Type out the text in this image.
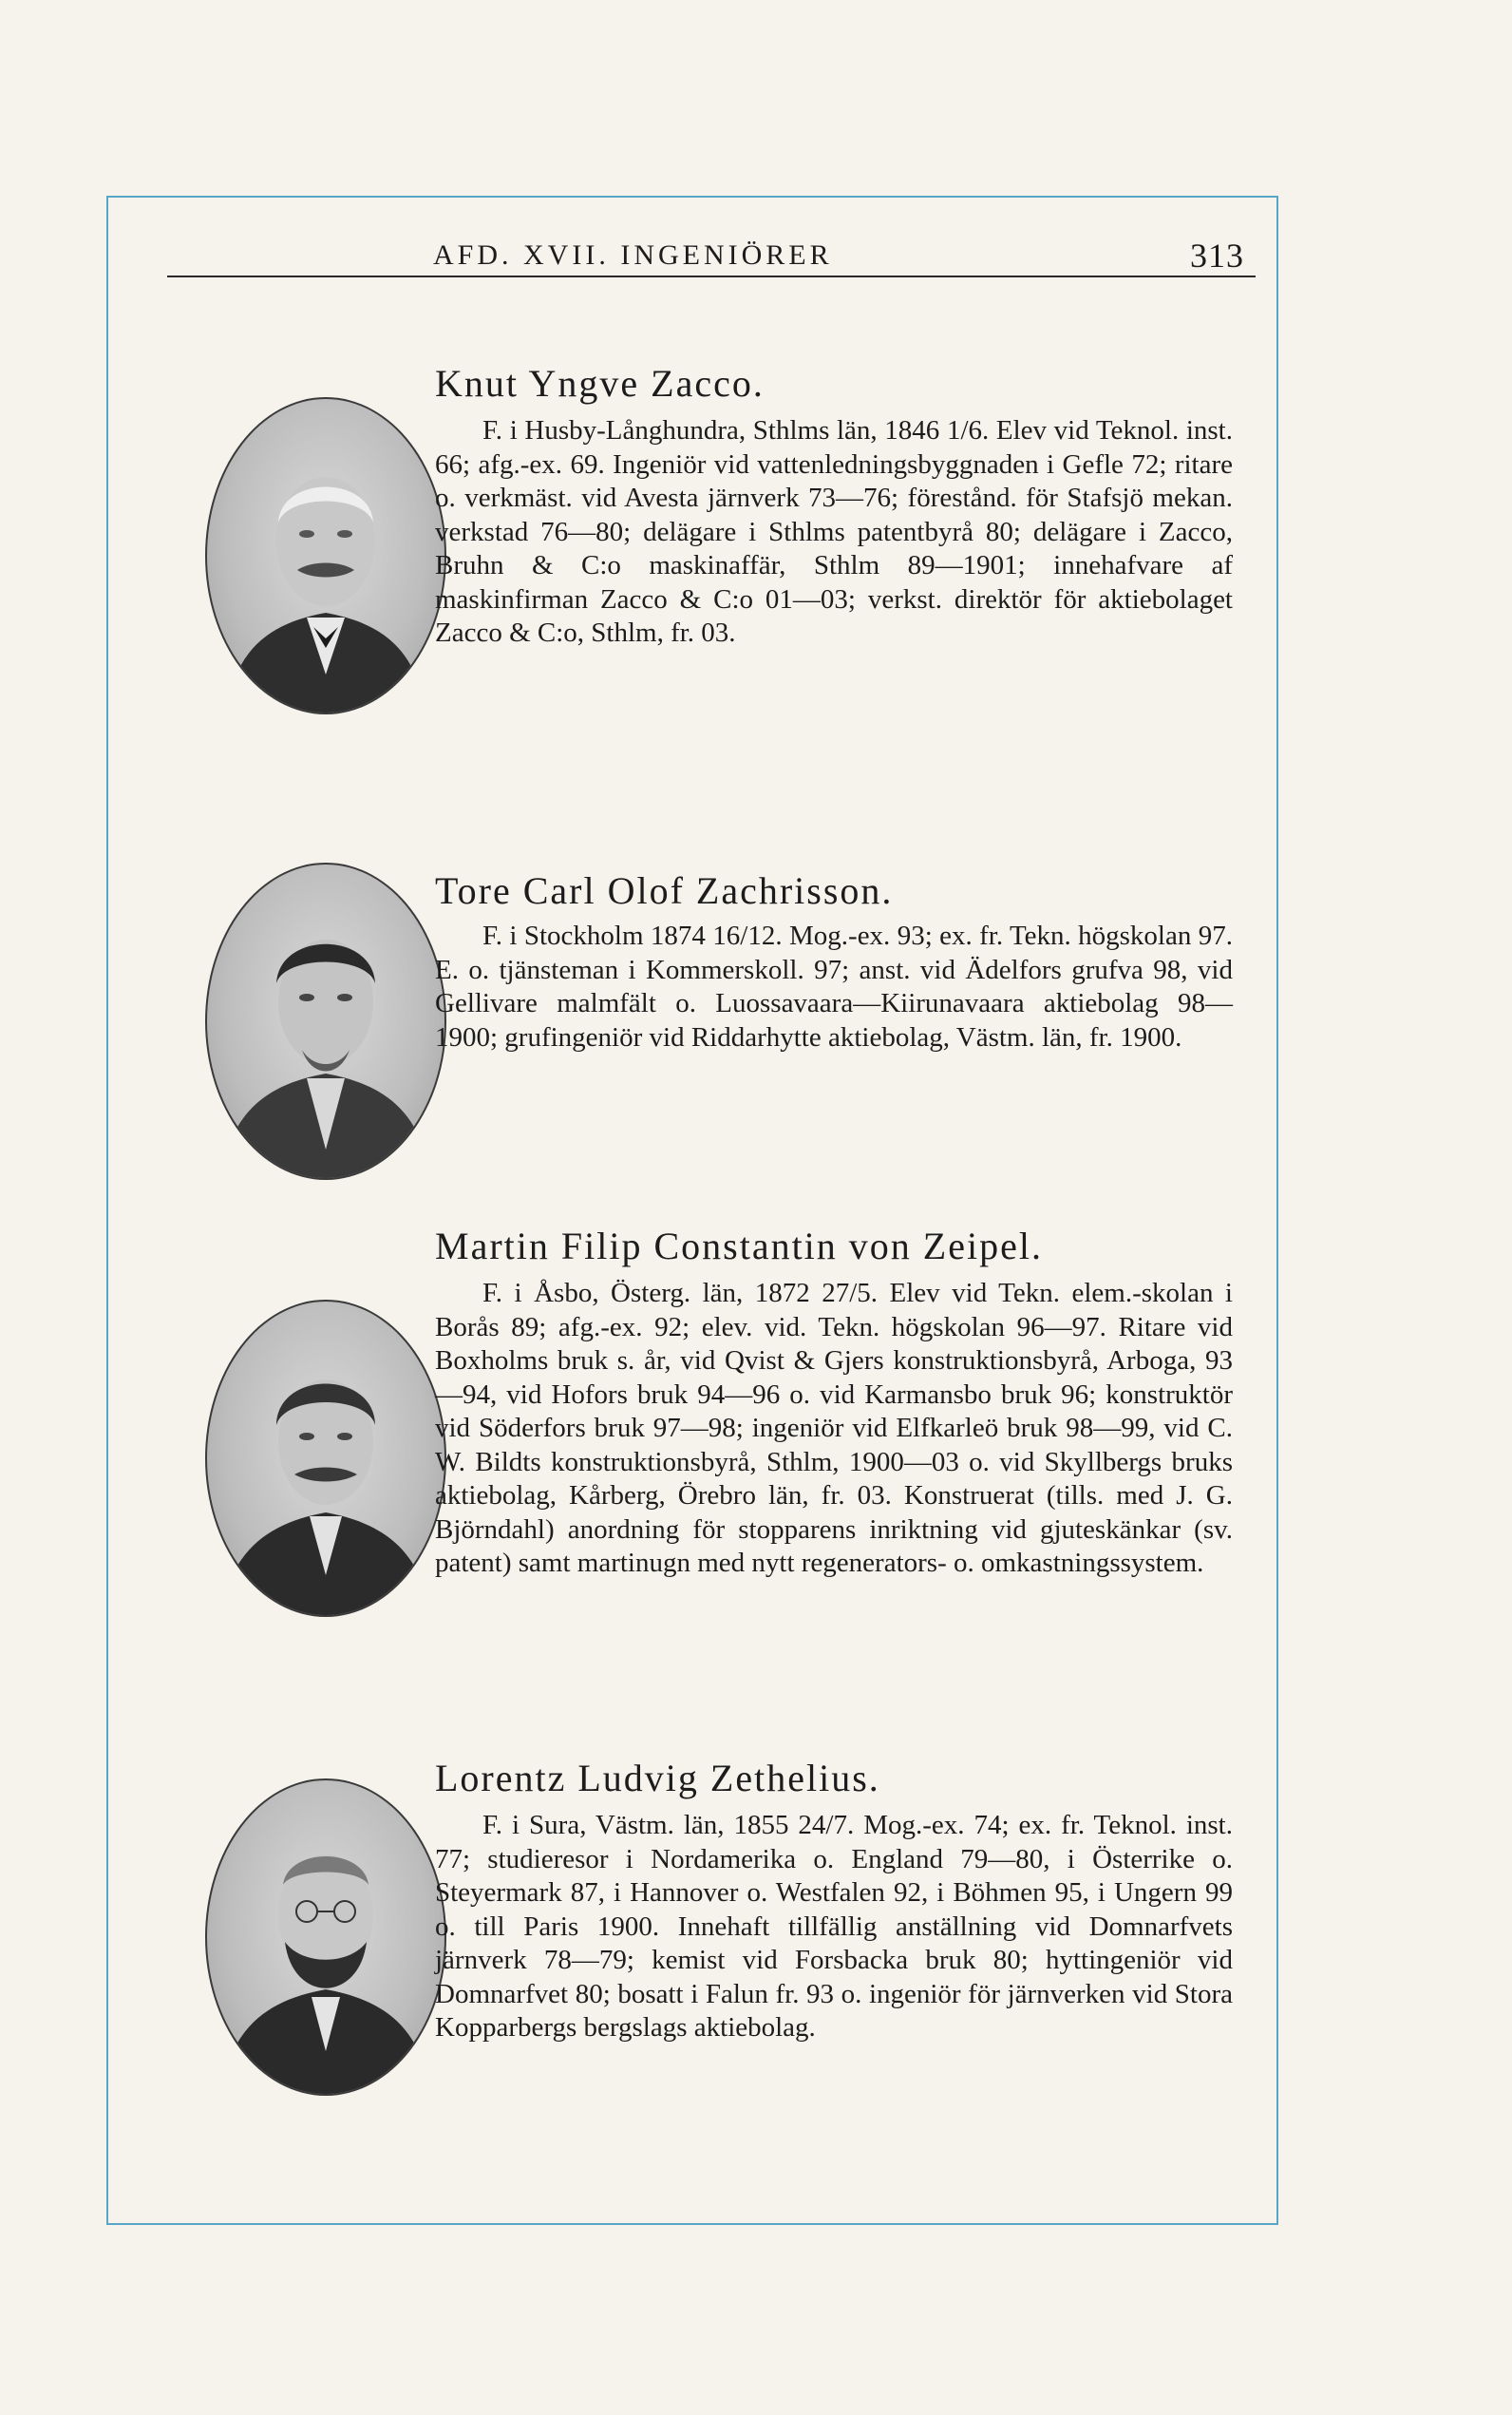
AFD. XVII. INGENIÖRER	313
Knut Yngve Zacco.

F. i Husby-Långhundra, Sthlms län, 1846 1/6. Elev vid Teknol. inst. 66; afg.-ex. 69. Ingeniör vid vattenledningsbyggnaden i Gefle 72; ritare o. verkmäst. vid Avesta järnverk 73—76; förestånd. för Stafsjö mekan. verkstad 76—80; delägare i Sthlms patentbyrå 80; delägare i Zacco, Bruhn & C:o maskinaffär, Sthlm 89—1901; innehafvare af maskinfirman Zacco & C:o 01—03; verkst. direktör för aktiebolaget Zacco & C:o, Sthlm, fr. 03.

Tore Carl Olof Zachrisson.

F. i Stockholm 1874 16/12. Mog.-ex. 93; ex. fr. Tekn. högskolan 97. E. o. tjänsteman i Kommerskoll. 97; anst. vid Ädelfors grufva 98, vid Gellivare malmfält o. Luossavaara—Kiirunavaara aktiebolag 98—1900; grufingeniör vid Riddarhytte aktiebolag, Västm. län, fr. 1900.

Martin Filip Constantin von Zeipel.

F. i Åsbo, Österg. län, 1872 27/5. Elev vid Tekn. elem.-skolan i Borås 89; afg.-ex. 92; elev. vid. Tekn. högskolan 96—97. Ritare vid Boxholms bruk s. år, vid Qvist & Gjers konstruktionsbyrå, Arboga, 93—94, vid Hofors bruk 94—96 o. vid Karmansbo bruk 96; konstruktör vid Söderfors bruk 97—98; ingeniör vid Elfkarleö bruk 98—99, vid C. W. Bildts konstruktionsbyrå, Sthlm, 1900—03 o. vid Skyllbergs bruks aktiebolag, Kårberg, Örebro län, fr. 03. Konstruerat (tills. med J. G. Björndahl) anordning för stopparens inriktning vid gjuteskänkar (sv. patent) samt martinugn med nytt regenerators- o. omkastningssystem.

Lorentz Ludvig Zethelius.

F. i Sura, Västm. län, 1855 24/7. Mog.-ex. 74; ex. fr. Teknol. inst. 77; studieresor i Nordamerika o. England 79—80, i Österrike o. Steyermark 87, i Hannover o. Westfalen 92, i Böhmen 95, i Ungern 99 o. till Paris 1900. Innehaft tillfällig anställning vid Domnarfvets järnverk 78—79; kemist vid Forsbacka bruk 80; hyttingeniör vid Domnarfvet 80; bosatt i Falun fr. 93 o. ingeniör för järnverken vid Stora Kopparbergs bergslags aktiebolag.
